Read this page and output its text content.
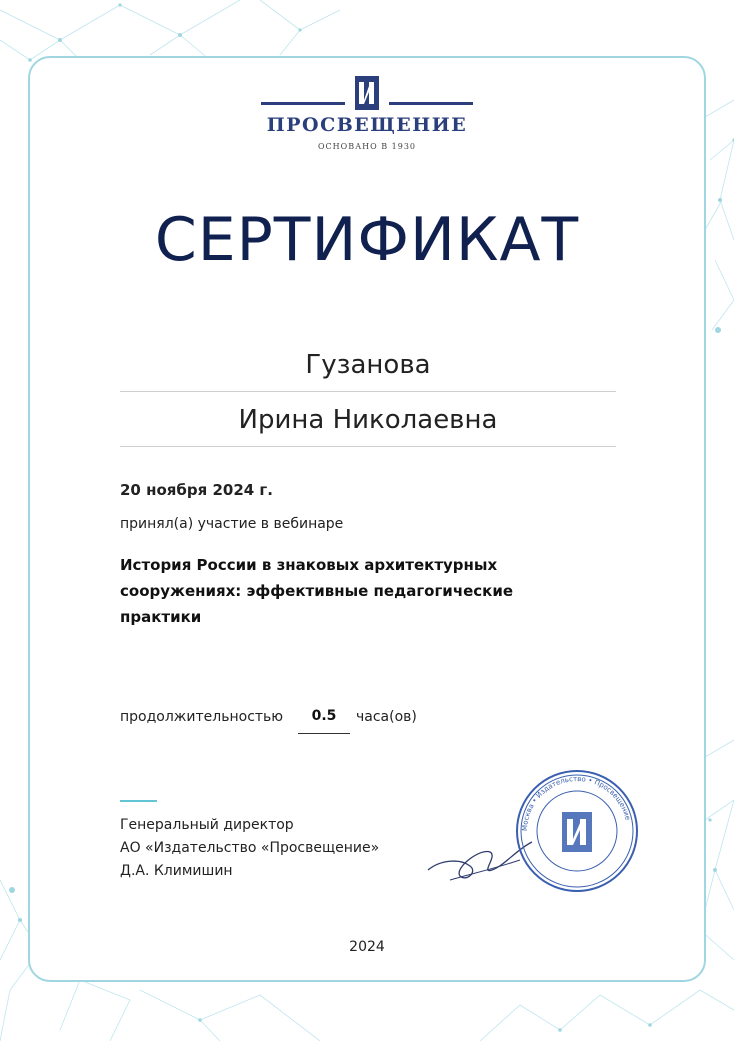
ПРОСВЕЩЕНИЕ
ОСНОВАНО В 1930
СЕРТИФИКАТ
Гузанова
Ирина Николаевна
20 ноября 2024 г.
принял(а) участие в вебинаре
История России в знаковых архитектурных сооружениях: эффективные педагогические практики
продолжительностью	0.5	часа(ов)
Генеральный директор
АО «Издательство «Просвещение»
Д.А. Климишин
Москва • Издательство • Просвещение
2024
